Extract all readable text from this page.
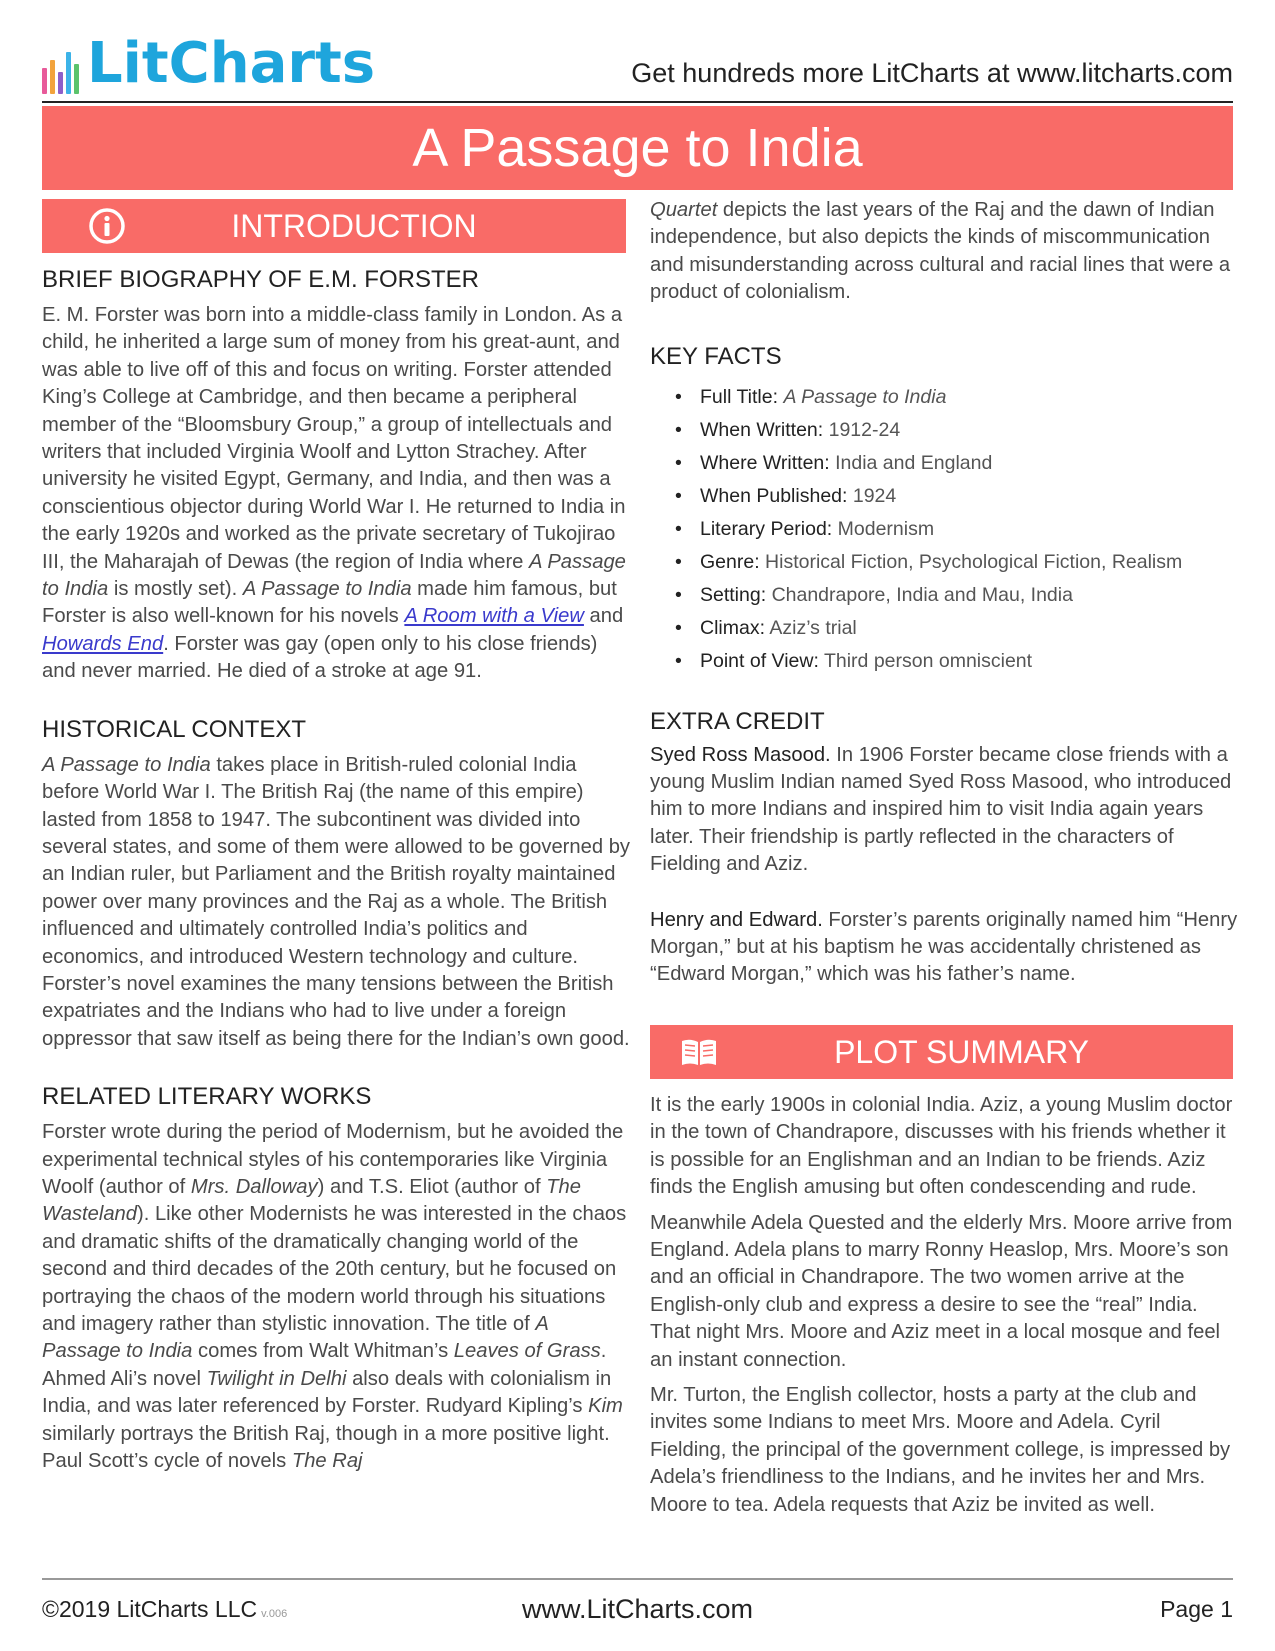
LitCharts	Get hundreds more LitCharts at www.litcharts.com
A Passage to India
INTRODUCTION
BRIEF BIOGRAPHY OF E.M. FORSTER

E. M. Forster was born into a middle-class family in London. As a child, he inherited a large sum of money from his great-aunt, and was able to live off of this and focus on writing. Forster attended King’s College at Cambridge, and then became a peripheral member of the “Bloomsbury Group,” a group of intellectuals and writers that included Virginia Woolf and Lytton Strachey. After university he visited Egypt, Germany, and India, and then was a conscientious objector during World War I. He returned to India in the early 1920s and worked as the private secretary of Tukojirao III, the Maharajah of Dewas (the region of India where A Passage to India is mostly set). A Passage to India made him famous, but Forster is also well-known for his novels A Room with a View and Howards End. Forster was gay (open only to his close friends) and never married. He died of a stroke at age 91.

HISTORICAL CONTEXT

A Passage to India takes place in British-ruled colonial India before World War I. The British Raj (the name of this empire) lasted from 1858 to 1947. The subcontinent was divided into several states, and some of them were allowed to be governed by an Indian ruler, but Parliament and the British royalty maintained power over many provinces and the Raj as a whole. The British influenced and ultimately controlled India’s politics and economics, and introduced Western technology and culture. Forster’s novel examines the many tensions between the British expatriates and the Indians who had to live under a foreign oppressor that saw itself as being there for the Indian’s own good.

RELATED LITERARY WORKS

Forster wrote during the period of Modernism, but he avoided the experimental technical styles of his contemporaries like Virginia Woolf (author of Mrs. Dalloway) and T.S. Eliot (author of The Wasteland). Like other Modernists he was interested in the chaos and dramatic shifts of the dramatically changing world of the second and third decades of the 20th century, but he focused on portraying the chaos of the modern world through his situations and imagery rather than stylistic innovation. The title of A Passage to India comes from Walt Whitman’s Leaves of Grass. Ahmed Ali’s novel Twilight in Delhi also deals with colonialism in India, and was later referenced by Forster. Rudyard Kipling’s Kim similarly portrays the British Raj, though in a more positive light. Paul Scott’s cycle of novels The Raj

Quartet depicts the last years of the Raj and the dawn of Indian independence, but also depicts the kinds of miscommunication and misunderstanding across cultural and racial lines that were a product of colonialism.

KEY FACTS
• Full Title: A Passage to India
• When Written: 1912-24
• Where Written: India and England
• When Published: 1924
• Literary Period: Modernism
• Genre: Historical Fiction, Psychological Fiction, Realism
• Setting: Chandrapore, India and Mau, India
• Climax: Aziz’s trial
• Point of View: Third person omniscient
EXTRA CREDIT

Syed Ross Masood. In 1906 Forster became close friends with a young Muslim Indian named Syed Ross Masood, who introduced him to more Indians and inspired him to visit India again years later. Their friendship is partly reflected in the characters of Fielding and Aziz.

Henry and Edward. Forster’s parents originally named him “Henry Morgan,” but at his baptism he was accidentally christened as “Edward Morgan,” which was his father’s name.

PLOT SUMMARY

It is the early 1900s in colonial India. Aziz, a young Muslim doctor in the town of Chandrapore, discusses with his friends whether it is possible for an Englishman and an Indian to be friends. Aziz finds the English amusing but often condescending and rude.

Meanwhile Adela Quested and the elderly Mrs. Moore arrive from England. Adela plans to marry Ronny Heaslop, Mrs. Moore’s son and an official in Chandrapore. The two women arrive at the English-only club and express a desire to see the “real” India. That night Mrs. Moore and Aziz meet in a local mosque and feel an instant connection.

Mr. Turton, the English collector, hosts a party at the club and invites some Indians to meet Mrs. Moore and Adela. Cyril Fielding, the principal of the government college, is impressed by Adela’s friendliness to the Indians, and he invites her and Mrs. Moore to tea. Adela requests that Aziz be invited as well.

©2019 LitCharts LLC v.006	www.LitCharts.com	Page 1
